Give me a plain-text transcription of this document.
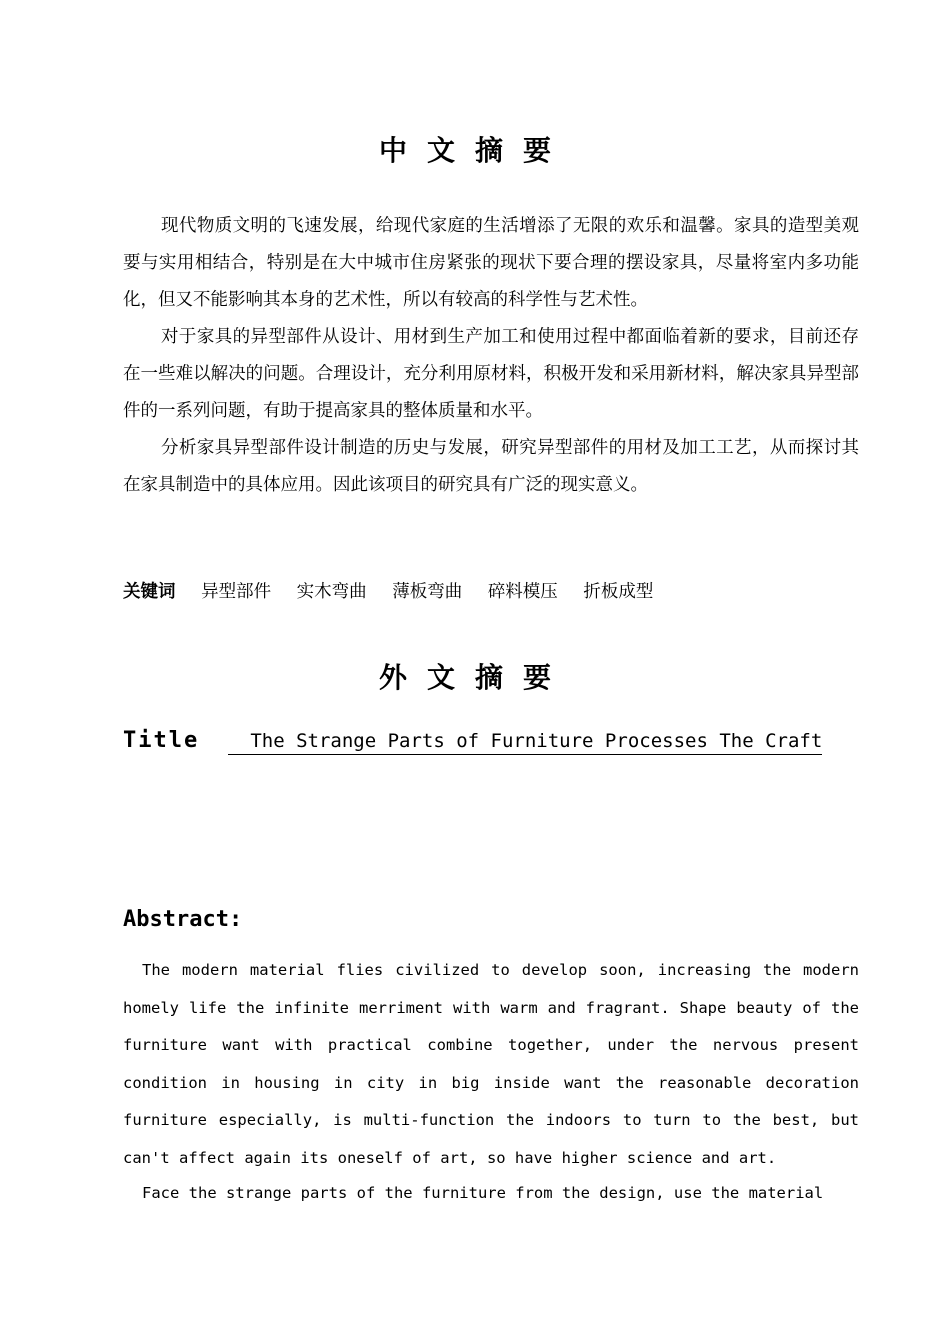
中文摘要
现代物质文明的飞速发展，给现代家庭的生活增添了无限的欢乐和温馨。家具的造型美观要与实用相结合，特别是在大中城市住房紧张的现状下要合理的摆设家具，尽量将室内多功能化，但又不能影响其本身的艺术性，所以有较高的科学性与艺术性。
对于家具的异型部件从设计、用材到生产加工和使用过程中都面临着新的要求，目前还存在一些难以解决的问题。合理设计，充分利用原材料，积极开发和采用新材料，解决家具异型部件的一系列问题，有助于提高家具的整体质量和水平。
分析家具异型部件设计制造的历史与发展，研究异型部件的用材及加工工艺，从而探讨其在家具制造中的具体应用。因此该项目的研究具有广泛的现实意义。
关键词 异型部件 实木弯曲 薄板弯曲 碎料模压 折板成型
外文摘要
Title	The Strange Parts of Furniture Processes The Craft
Abstract:
The modern material flies civilized to develop soon, increasing the modern homely life the infinite merriment with warm and fragrant. Shape beauty of the furniture want with practical combine together, under the nervous present condition in housing in city in big inside want the reasonable decoration furniture especially, is multi-function the indoors to turn to the best, but can't affect again its oneself of art, so have higher science and art.
Face the strange parts of the furniture from the design, use the material
